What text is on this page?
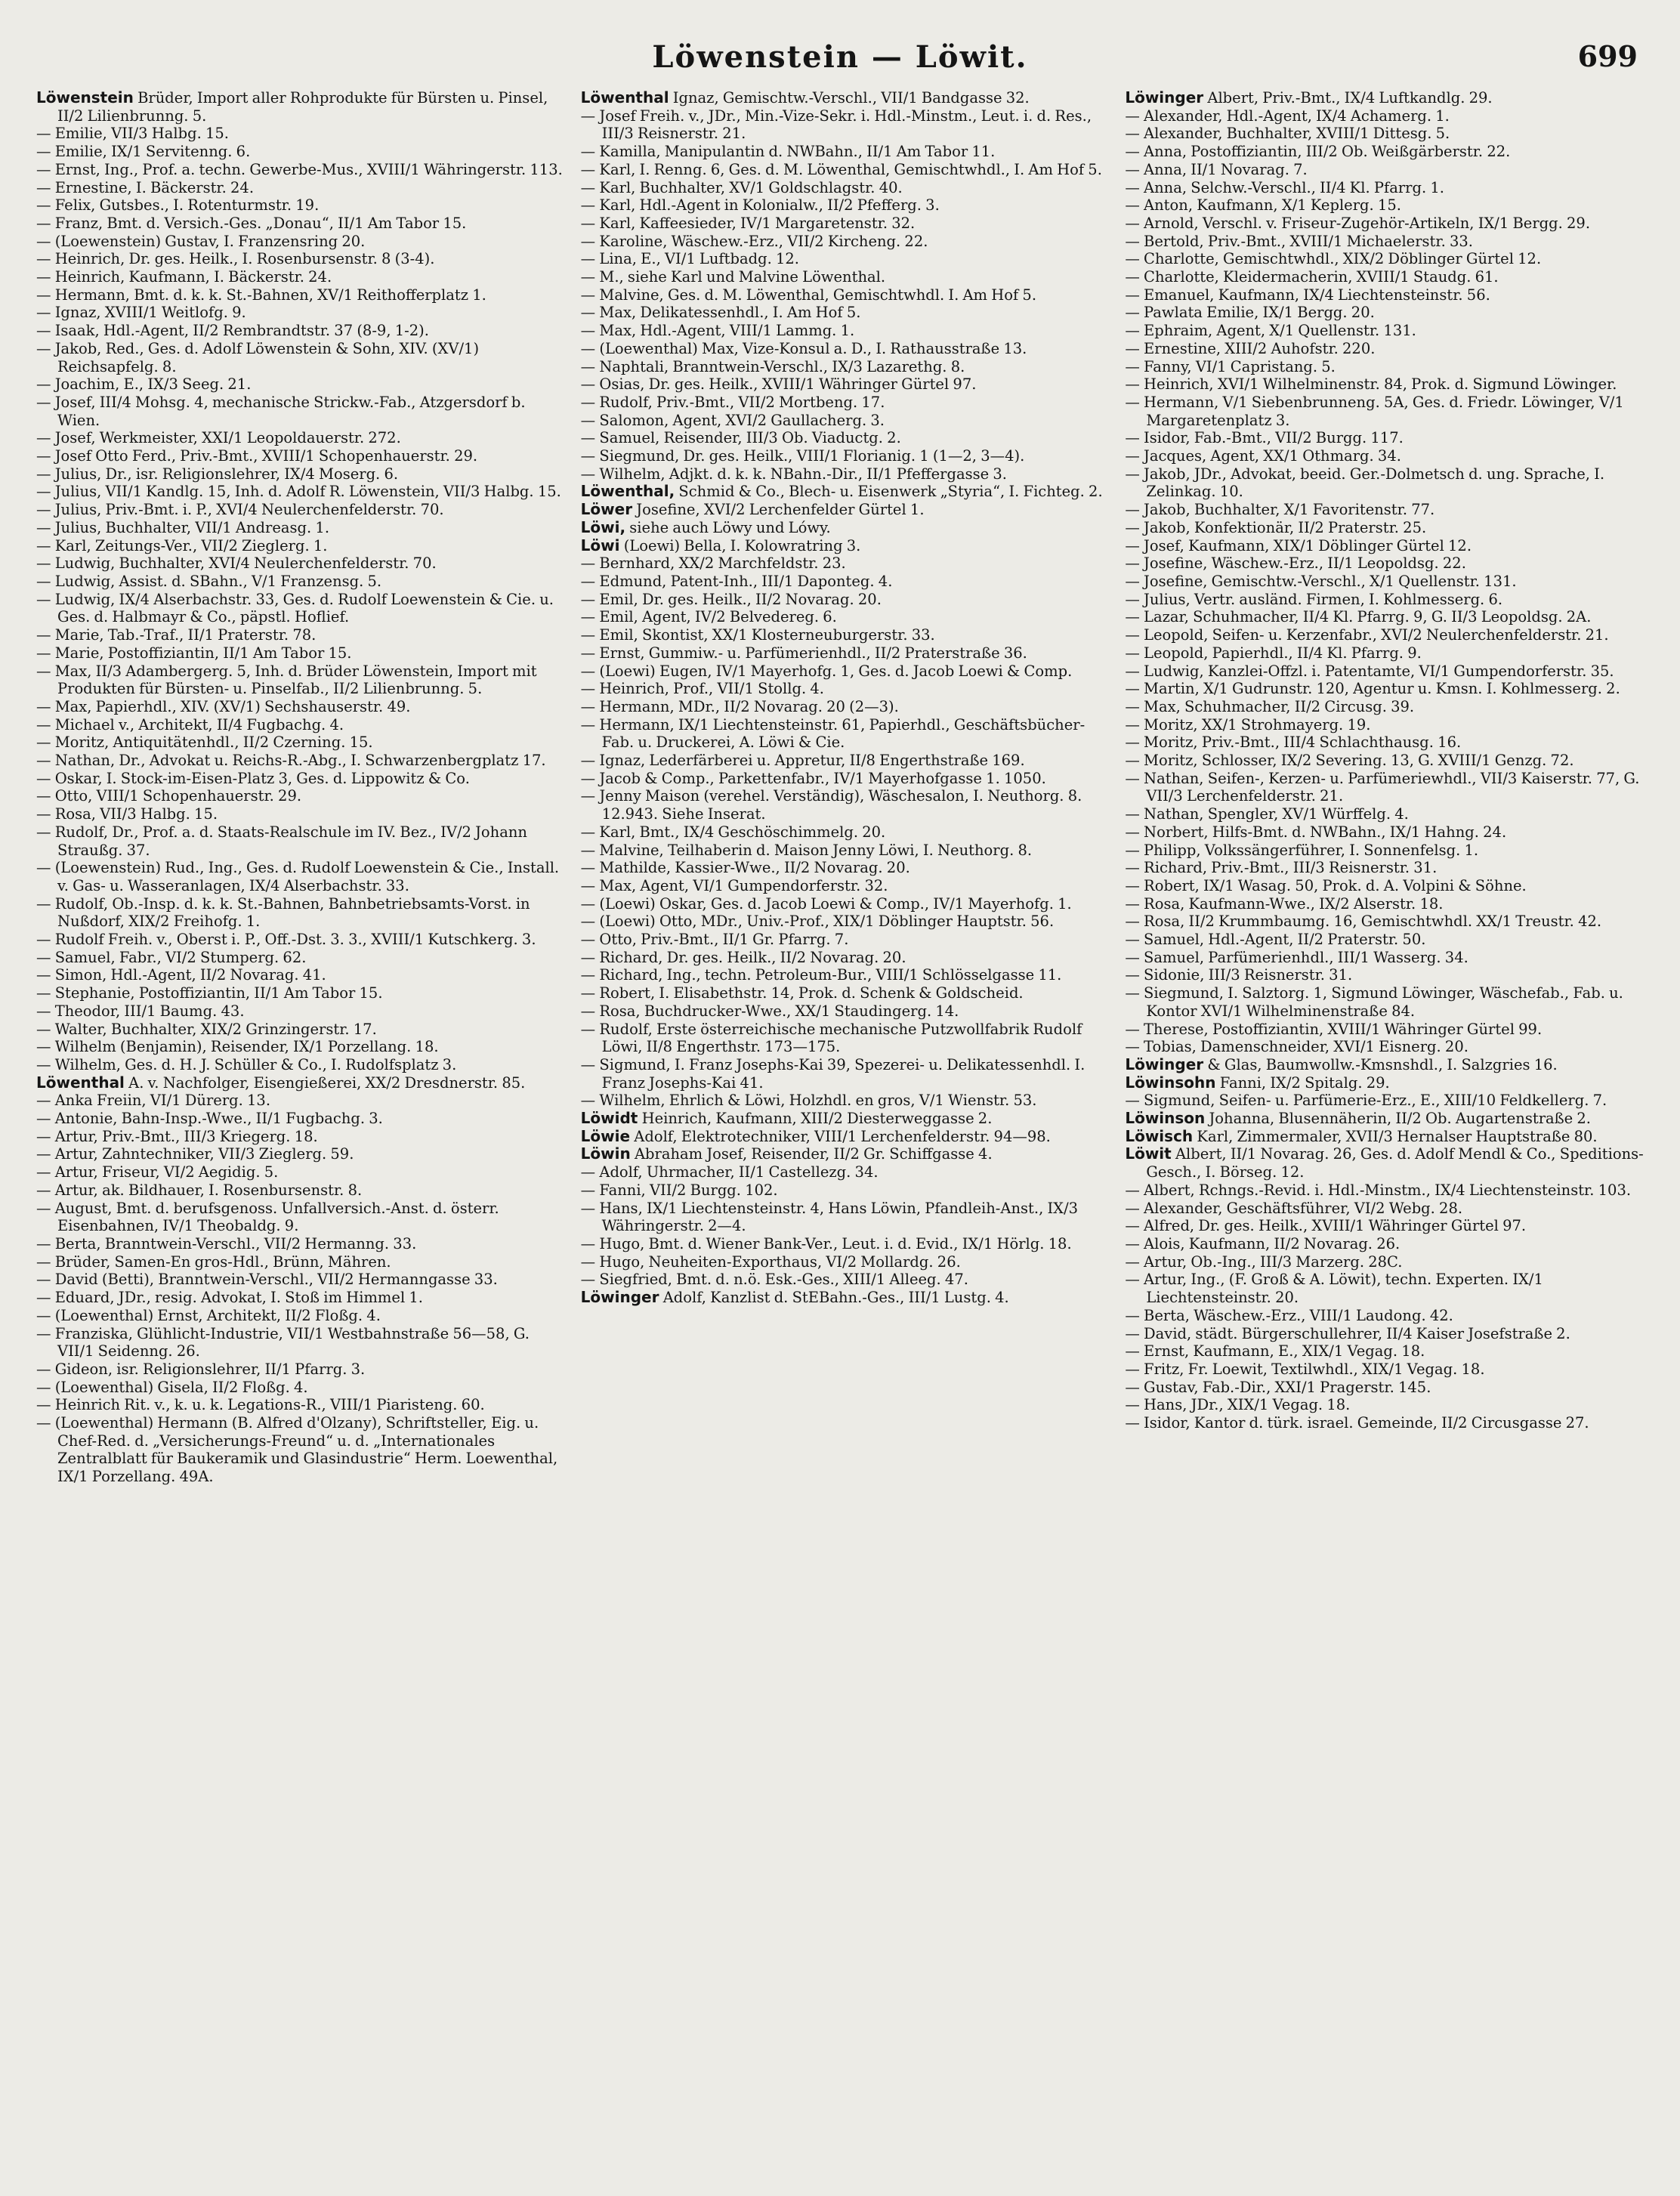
Löwenstein — Löwit.	699

Löwenstein Brüder, Import aller Rohprodukte für Bürsten u. Pinsel, II/2 Lilienbrunng. 5.

— Emilie, VII/3 Halbg. 15.

— Emilie, IX/1 Servitenng. 6.

— Ernst, Ing., Prof. a. techn. Gewerbe-Mus., XVIII/1 Währingerstr. 113.

— Ernestine, I. Bäckerstr. 24.

— Felix, Gutsbes., I. Rotenturmstr. 19.

— Franz, Bmt. d. Versich.-Ges. „Donau“, II/1 Am Tabor 15.

— (Loewenstein) Gustav, I. Franzensring 20.

— Heinrich, Dr. ges. Heilk., I. Rosenbursenstr. 8 (3-4).

— Heinrich, Kaufmann, I. Bäckerstr. 24.

— Hermann, Bmt. d. k. k. St.-Bahnen, XV/1 Reithofferplatz 1.

— Ignaz, XVIII/1 Weitlofg. 9.

— Isaak, Hdl.-Agent, II/2 Rembrandtstr. 37 (8-9, 1-2).

— Jakob, Red., Ges. d. Adolf Löwenstein & Sohn, XIV. (XV/1) Reichsapfelg. 8.

— Joachim, E., IX/3 Seeg. 21.

— Josef, III/4 Mohsg. 4, mechanische Strickw.-Fab., Atzgersdorf b. Wien.

— Josef, Werkmeister, XXI/1 Leopoldauerstr. 272.

— Josef Otto Ferd., Priv.-Bmt., XVIII/1 Schopenhauerstr. 29.

— Julius, Dr., isr. Religionslehrer, IX/4 Moserg. 6.

— Julius, VII/1 Kandlg. 15, Inh. d. Adolf R. Löwenstein, VII/3 Halbg. 15.

— Julius, Priv.-Bmt. i. P., XVI/4 Neulerchenfelderstr. 70.

— Julius, Buchhalter, VII/1 Andreasg. 1.

— Karl, Zeitungs-Ver., VII/2 Zieglerg. 1.

— Ludwig, Buchhalter, XVI/4 Neulerchenfelderstr. 70.

— Ludwig, Assist. d. SBahn., V/1 Franzensg. 5.

— Ludwig, IX/4 Alserbachstr. 33, Ges. d. Rudolf Loewenstein & Cie. u. Ges. d. Halbmayr & Co., päpstl. Hoflief.

— Marie, Tab.-Traf., II/1 Praterstr. 78.

— Marie, Postoffiziantin, II/1 Am Tabor 15.

— Max, II/3 Adambergerg. 5, Inh. d. Brüder Löwenstein, Import mit Produkten für Bürsten- u. Pinselfab., II/2 Lilienbrunng. 5.

— Max, Papierhdl., XIV. (XV/1) Sechshauserstr. 49.

— Michael v., Architekt, II/4 Fugbachg. 4.

— Moritz, Antiquitätenhdl., II/2 Czerning. 15.

— Nathan, Dr., Advokat u. Reichs-R.-Abg., I. Schwarzenbergplatz 17.

— Oskar, I. Stock-im-Eisen-Platz 3, Ges. d. Lippowitz & Co.

— Otto, VIII/1 Schopenhauerstr. 29.

— Rosa, VII/3 Halbg. 15.

— Rudolf, Dr., Prof. a. d. Staats-Realschule im IV. Bez., IV/2 Johann Straußg. 37.

— (Loewenstein) Rud., Ing., Ges. d. Rudolf Loewenstein & Cie., Install. v. Gas- u. Wasseranlagen, IX/4 Alserbachstr. 33.

— Rudolf, Ob.-Insp. d. k. k. St.-Bahnen, Bahnbetriebsamts-Vorst. in Nußdorf, XIX/2 Freihofg. 1.

— Rudolf Freih. v., Oberst i. P., Off.-Dst. 3. 3., XVIII/1 Kutschkerg. 3.

— Samuel, Fabr., VI/2 Stumperg. 62.

— Simon, Hdl.-Agent, II/2 Novarag. 41.

— Stephanie, Postoffiziantin, II/1 Am Tabor 15.

— Theodor, III/1 Baumg. 43.

— Walter, Buchhalter, XIX/2 Grinzingerstr. 17.

— Wilhelm (Benjamin), Reisender, IX/1 Porzellang. 18.

— Wilhelm, Ges. d. H. J. Schüller & Co., I. Rudolfsplatz 3.

Löwenthal A. v. Nachfolger, Eisengießerei, XX/2 Dresdnerstr. 85.

— Anka Freiin, VI/1 Dürerg. 13.

— Antonie, Bahn-Insp.-Wwe., II/1 Fugbachg. 3.

— Artur, Priv.-Bmt., III/3 Kriegerg. 18.

— Artur, Zahntechniker, VII/3 Zieglerg. 59.

— Artur, Friseur, VI/2 Aegidig. 5.

— Artur, ak. Bildhauer, I. Rosenbursenstr. 8.

— August, Bmt. d. berufsgenoss. Unfallversich.-Anst. d. österr. Eisenbahnen, IV/1 Theobaldg. 9.

— Berta, Branntwein-Verschl., VII/2 Hermanng. 33.

— Brüder, Samen-En gros-Hdl., Brünn, Mähren.

— David (Betti), Branntwein-Verschl., VII/2 Hermanngasse 33.

— Eduard, JDr., resig. Advokat, I. Stoß im Himmel 1.

— (Loewenthal) Ernst, Architekt, II/2 Floßg. 4.

— Franziska, Glühlicht-Industrie, VII/1 Westbahnstraße 56—58, G. VII/1 Seidenng. 26.

— Gideon, isr. Religionslehrer, II/1 Pfarrg. 3.

— (Loewenthal) Gisela, II/2 Floßg. 4.

— Heinrich Rit. v., k. u. k. Legations-R., VIII/1 Piaristeng. 60.

— (Loewenthal) Hermann (B. Alfred d'Olzany), Schriftsteller, Eig. u. Chef-Red. d. „Versicherungs-Freund“ u. d. „Internationales Zentralblatt für Baukeramik und Glasindustrie“ Herm. Loewenthal, IX/1 Porzellang. 49A.

Löwenthal Ignaz, Gemischtw.-Verschl., VII/1 Bandgasse 32.

— Josef Freih. v., JDr., Min.-Vize-Sekr. i. Hdl.-Minstm., Leut. i. d. Res., III/3 Reisnerstr. 21.

— Kamilla, Manipulantin d. NWBahn., II/1 Am Tabor 11.

— Karl, I. Renng. 6, Ges. d. M. Löwenthal, Gemischtwhdl., I. Am Hof 5.

— Karl, Buchhalter, XV/1 Goldschlagstr. 40.

— Karl, Hdl.-Agent in Kolonialw., II/2 Pfefferg. 3.

— Karl, Kaffeesieder, IV/1 Margaretenstr. 32.

— Karoline, Wäschew.-Erz., VII/2 Kircheng. 22.

— Lina, E., VI/1 Luftbadg. 12.

— M., siehe Karl und Malvine Löwenthal.

— Malvine, Ges. d. M. Löwenthal, Gemischtwhdl. I. Am Hof 5.

— Max, Delikatessenhdl., I. Am Hof 5.

— Max, Hdl.-Agent, VIII/1 Lammg. 1.

— (Loewenthal) Max, Vize-Konsul a. D., I. Rathausstraße 13.

— Naphtali, Branntwein-Verschl., IX/3 Lazarethg. 8.

— Osias, Dr. ges. Heilk., XVIII/1 Währinger Gürtel 97.

— Rudolf, Priv.-Bmt., VII/2 Mortbeng. 17.

— Salomon, Agent, XVI/2 Gaullacherg. 3.

— Samuel, Reisender, III/3 Ob. Viaductg. 2.

— Siegmund, Dr. ges. Heilk., VIII/1 Florianig. 1 (1—2, 3—4).

— Wilhelm, Adjkt. d. k. k. NBahn.-Dir., II/1 Pfeffergasse 3.

Löwenthal, Schmid & Co., Blech- u. Eisenwerk „Styria“, I. Fichteg. 2.

Löwer Josefine, XVI/2 Lerchenfelder Gürtel 1.

Löwi, siehe auch Löwy und Lówy.

Löwi (Loewi) Bella, I. Kolowratring 3.

— Bernhard, XX/2 Marchfeldstr. 23.

— Edmund, Patent-Inh., III/1 Daponteg. 4.

— Emil, Dr. ges. Heilk., II/2 Novarag. 20.

— Emil, Agent, IV/2 Belvedereg. 6.

— Emil, Skontist, XX/1 Klosterneuburgerstr. 33.

— Ernst, Gummiw.- u. Parfümerienhdl., II/2 Praterstraße 36.

— (Loewi) Eugen, IV/1 Mayerhofg. 1, Ges. d. Jacob Loewi & Comp.

— Heinrich, Prof., VII/1 Stollg. 4.

— Hermann, MDr., II/2 Novarag. 20 (2—3).

— Hermann, IX/1 Liechtensteinstr. 61, Papierhdl., Geschäftsbücher-Fab. u. Druckerei, A. Löwi & Cie.

— Ignaz, Lederfärberei u. Appretur, II/8 Engerthstraße 169.

— Jacob & Comp., Parkettenfabr., IV/1 Mayerhofgasse 1. 1050.

— Jenny Maison (verehel. Verständig), Wäschesalon, I. Neuthorg. 8. 12.943. Siehe Inserat.

— Karl, Bmt., IX/4 Geschöschimmelg. 20.

— Malvine, Teilhaberin d. Maison Jenny Löwi, I. Neuthorg. 8.

— Mathilde, Kassier-Wwe., II/2 Novarag. 20.

— Max, Agent, VI/1 Gumpendorferstr. 32.

— (Loewi) Oskar, Ges. d. Jacob Loewi & Comp., IV/1 Mayerhofg. 1.

— (Loewi) Otto, MDr., Univ.-Prof., XIX/1 Döblinger Hauptstr. 56.

— Otto, Priv.-Bmt., II/1 Gr. Pfarrg. 7.

— Richard, Dr. ges. Heilk., II/2 Novarag. 20.

— Richard, Ing., techn. Petroleum-Bur., VIII/1 Schlösselgasse 11.

— Robert, I. Elisabethstr. 14, Prok. d. Schenk & Goldscheid.

— Rosa, Buchdrucker-Wwe., XX/1 Staudingerg. 14.

— Rudolf, Erste österreichische mechanische Putzwollfabrik Rudolf Löwi, II/8 Engerthstr. 173—175.

— Sigmund, I. Franz Josephs-Kai 39, Spezerei- u. Delikatessenhdl. I. Franz Josephs-Kai 41.

— Wilhelm, Ehrlich & Löwi, Holzhdl. en gros, V/1 Wienstr. 53.

Löwidt Heinrich, Kaufmann, XIII/2 Diesterweggasse 2.

Löwie Adolf, Elektrotechniker, VIII/1 Lerchenfelderstr. 94—98.

Löwin Abraham Josef, Reisender, II/2 Gr. Schiffgasse 4.

— Adolf, Uhrmacher, II/1 Castellezg. 34.

— Fanni, VII/2 Burgg. 102.

— Hans, IX/1 Liechtensteinstr. 4, Hans Löwin, Pfandleih-Anst., IX/3 Währingerstr. 2—4.

— Hugo, Bmt. d. Wiener Bank-Ver., Leut. i. d. Evid., IX/1 Hörlg. 18.

— Hugo, Neuheiten-Exporthaus, VI/2 Mollardg. 26.

— Siegfried, Bmt. d. n.ö. Esk.-Ges., XIII/1 Alleeg. 47.

Löwinger Adolf, Kanzlist d. StEBahn.-Ges., III/1 Lustg. 4.

Löwinger Albert, Priv.-Bmt., IX/4 Luftkandlg. 29.

— Alexander, Hdl.-Agent, IX/4 Achamerg. 1.

— Alexander, Buchhalter, XVIII/1 Dittesg. 5.

— Anna, Postoffiziantin, III/2 Ob. Weißgärberstr. 22.

— Anna, II/1 Novarag. 7.

— Anna, Selchw.-Verschl., II/4 Kl. Pfarrg. 1.

— Anton, Kaufmann, X/1 Keplerg. 15.

— Arnold, Verschl. v. Friseur-Zugehör-Artikeln, IX/1 Bergg. 29.

— Bertold, Priv.-Bmt., XVIII/1 Michaelerstr. 33.

— Charlotte, Gemischtwhdl., XIX/2 Döblinger Gürtel 12.

— Charlotte, Kleidermacherin, XVIII/1 Staudg. 61.

— Emanuel, Kaufmann, IX/4 Liechtensteinstr. 56.

— Pawlata Emilie, IX/1 Bergg. 20.

— Ephraim, Agent, X/1 Quellenstr. 131.

— Ernestine, XIII/2 Auhofstr. 220.

— Fanny, VI/1 Capristang. 5.

— Heinrich, XVI/1 Wilhelminenstr. 84, Prok. d. Sigmund Löwinger.

— Hermann, V/1 Siebenbrunneng. 5A, Ges. d. Friedr. Löwinger, V/1 Margaretenplatz 3.

— Isidor, Fab.-Bmt., VII/2 Burgg. 117.

— Jacques, Agent, XX/1 Othmarg. 34.

— Jakob, JDr., Advokat, beeid. Ger.-Dolmetsch d. ung. Sprache, I. Zelinkag. 10.

— Jakob, Buchhalter, X/1 Favoritenstr. 77.

— Jakob, Konfektionär, II/2 Praterstr. 25.

— Josef, Kaufmann, XIX/1 Döblinger Gürtel 12.

— Josefine, Wäschew.-Erz., II/1 Leopoldsg. 22.

— Josefine, Gemischtw.-Verschl., X/1 Quellenstr. 131.

— Julius, Vertr. ausländ. Firmen, I. Kohlmesserg. 6.

— Lazar, Schuhmacher, II/4 Kl. Pfarrg. 9, G. II/3 Leopoldsg. 2A.

— Leopold, Seifen- u. Kerzenfabr., XVI/2 Neulerchenfelderstr. 21.

— Leopold, Papierhdl., II/4 Kl. Pfarrg. 9.

— Ludwig, Kanzlei-Offzl. i. Patentamte, VI/1 Gumpendorferstr. 35.

— Martin, X/1 Gudrunstr. 120, Agentur u. Kmsn. I. Kohlmesserg. 2.

— Max, Schuhmacher, II/2 Circusg. 39.

— Moritz, XX/1 Strohmayerg. 19.

— Moritz, Priv.-Bmt., III/4 Schlachthausg. 16.

— Moritz, Schlosser, IX/2 Severing. 13, G. XVIII/1 Genzg. 72.

— Nathan, Seifen-, Kerzen- u. Parfümeriewhdl., VII/3 Kaiserstr. 77, G. VII/3 Lerchenfelderstr. 21.

— Nathan, Spengler, XV/1 Würffelg. 4.

— Norbert, Hilfs-Bmt. d. NWBahn., IX/1 Hahng. 24.

— Philipp, Volkssängerführer, I. Sonnenfelsg. 1.

— Richard, Priv.-Bmt., III/3 Reisnerstr. 31.

— Robert, IX/1 Wasag. 50, Prok. d. A. Volpini & Söhne.

— Rosa, Kaufmann-Wwe., IX/2 Alserstr. 18.

— Rosa, II/2 Krummbaumg. 16, Gemischtwhdl. XX/1 Treustr. 42.

— Samuel, Hdl.-Agent, II/2 Praterstr. 50.

— Samuel, Parfümerienhdl., III/1 Wasserg. 34.

— Sidonie, III/3 Reisnerstr. 31.

— Siegmund, I. Salztorg. 1, Sigmund Löwinger, Wäschefab., Fab. u. Kontor XVI/1 Wilhelminenstraße 84.

— Therese, Postoffiziantin, XVIII/1 Währinger Gürtel 99.

— Tobias, Damenschneider, XVI/1 Eisnerg. 20.

Löwinger & Glas, Baumwollw.-Kmsnshdl., I. Salzgries 16.

Löwinsohn Fanni, IX/2 Spitalg. 29.

— Sigmund, Seifen- u. Parfümerie-Erz., E., XIII/10 Feldkellerg. 7.

Löwinson Johanna, Blusennäherin, II/2 Ob. Augartenstraße 2.

Löwisch Karl, Zimmermaler, XVII/3 Hernalser Hauptstraße 80.

Löwit Albert, II/1 Novarag. 26, Ges. d. Adolf Mendl & Co., Speditions-Gesch., I. Börseg. 12.

— Albert, Rchngs.-Revid. i. Hdl.-Minstm., IX/4 Liechtensteinstr. 103.

— Alexander, Geschäftsführer, VI/2 Webg. 28.

— Alfred, Dr. ges. Heilk., XVIII/1 Währinger Gürtel 97.

— Alois, Kaufmann, II/2 Novarag. 26.

— Artur, Ob.-Ing., III/3 Marzerg. 28C.

— Artur, Ing., (F. Groß & A. Löwit), techn. Experten. IX/1 Liechtensteinstr. 20.

— Berta, Wäschew.-Erz., VIII/1 Laudong. 42.

— David, städt. Bürgerschullehrer, II/4 Kaiser Josefstraße 2.

— Ernst, Kaufmann, E., XIX/1 Vegag. 18.

— Fritz, Fr. Loewit, Textilwhdl., XIX/1 Vegag. 18.

— Gustav, Fab.-Dir., XXI/1 Pragerstr. 145.

— Hans, JDr., XIX/1 Vegag. 18.

— Isidor, Kantor d. türk. israel. Gemeinde, II/2 Circusgasse 27.
